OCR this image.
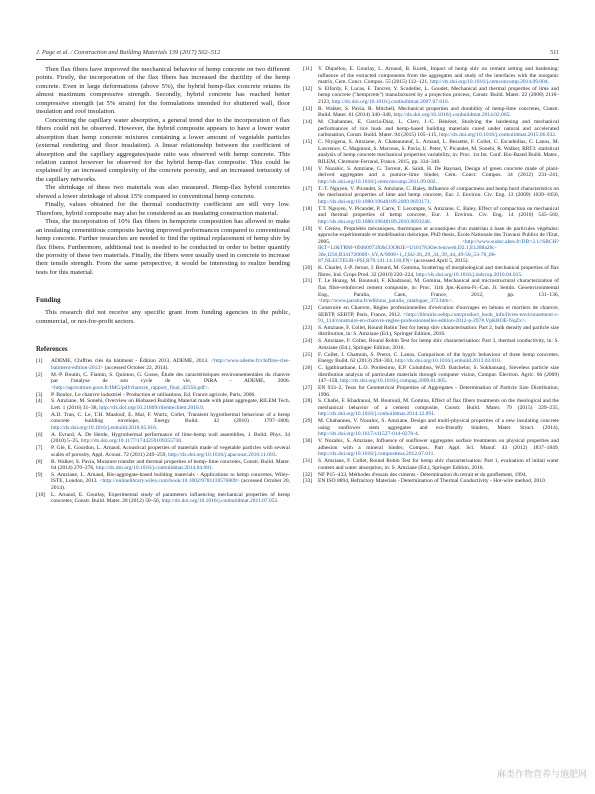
J. Page et al. / Construction and Building Materials 139 (2017) 502–512	511

Then flax fibers have improved the mechanical behavior of hemp concrete on two different points. Firstly, the incorporation of the flax fibers has increased the ductility of the hemp concrete. Even in large deformations (above 5%), the hybrid hemp-flax concrete retains its almost maximum compressive strength. Secondly, hybrid concrete has reached better compressive strength (at 5% strain) for the formulations intended for shuttered wall, floor insulation and roof insulation.

Concerning the capillary water absorption, a general trend due to the incorporation of flax fibers could not be observed. However, the hybrid composite appears to have a lower water absorption than hemp concrete mixtures containing a lower amount of vegetable particles (external rendering and floor insulation). A linear relationship between the coefficient of absorption and the capillary aggregates/paste ratio was observed with hemp concrete. This relation cannot however be observed for the hybrid hemp-flax composite. This could be explained by an increased complexity of the concrete porosity, and an increased tortuosity of the capillary networks.

The shrinkage of these two materials was also measured. Hemp-flax hybrid concretes showed a lower shrinkage of about 15% compared to conventional hemp concrete.

Finally, values obtained for the thermal conductivity coefficient are still very low. Therefore, hybrid composite may also be considered as an insulating construction material.

Thus, the incorporation of 10% flax fibers in hempcrete composition has allowed to make an insulating cementitious composite having improved performances compared to conventional hemp concrete. Further researches are needed to find the optimal replacement of hemp shiv by flax fibers. Furthermore, additional test is needed to be conducted in order to better quantify the porosity of these two materials. Finally, the fibers were usually used in concrete to increase their tensile strength. From the same perspective, it would be interesting to realize bending tests for this material.

Funding

This research did not receive any specific grant from funding agencies in the public, commercial, or not-for-profit sectors.

References
[1]	ADEME, Chiffres clés du bâtiment - Édition 2013, ADEME, 2013. <http://www.ademe.fr/chiffres-cles-batiment-edition-2013> (accessed October 22, 2014).
[2]	M.-P. Boutin, C. Flamin, S. Quinton, G. Gosse, Étude des caractéristiques environnementales du chanvre par l'analyse de son cycle de vie, INRA - ADEME, 2006. <http://agriculture.gouv.fr/IMG/pdf/chanvre_rapport_final_d2356.pdf>.
[3]	P. Bouloc, Le chanvre industriel - Production et utilisations, Ed. France agricole, Paris, 2006.
[4]	S. Amziane, M. Sonebi, Overview on Biobased Building Material made with plant aggregate, RILEM Tech. Lett. 1 (2016) 31–38, http://dx.doi.org/10.21809/rilemtechlett.2016.9.
[5]	A.D. Tran, C. Le, T.H. Maalouf, E. Mal, F. Wurtz, Collet, Transient hygrothermal behaviour of a hemp concrete building envelope, Energy Build. 42 (2010) 1797–1806, http://dx.doi.org/10.1016/j.enbuild.2010.05.016.
[6]	A. Evrard, A. De Herde, Hygrothermal performance of lime-hemp wall assemblies, J. Build. Phys. 34 (2010) 5–25, http://dx.doi.org/10.1177/1744259109355730.
[7]	P. Glé, E. Gourdon, L. Arnaud, Acoustical properties of materials made of vegetable particles with several scales of porosity, Appl. Acoust. 72 (2011) 249–259, http://dx.doi.org/10.1016/j.apacoust.2010.11.003.
[8]	R. Walker, S. Pavía, Moisture transfer and thermal properties of hemp–lime concretes, Constr. Build. Mater. 64 (2014) 270–276, http://dx.doi.org/10.1016/j.conbuildmat.2014.04.081.
[9]	S. Amziane, L. Arnaud, Bio-aggregate-based building materials - Applications to hemp concretes, Wiley-ISTE, London, 2013. <http://onlinelibrary.wiley.com/book/10.1002/9781118576809> (accessed October 20, 2014).
[10]	L. Arnaud, E. Gourlay, Experimental study of parameters influencing mechanical properties of hemp concretes, Constr. Build. Mater. 28 (2012) 50–56, http://dx.doi.org/10.1016/j.conbuildmat.2011.07.052.
[11]	Y. Diquélou, E. Gourlay, L. Arnaud, B. Kurek, Impact of hemp shiv on cement setting and hardening: influence of the extracted components from the aggregates and study of the interfaces with the inorganic matrix, Cem. Concr. Compos. 55 (2015) 112–121, http://dx.doi.org/10.1016/j.cemconcomp.2014.09.004.
[12]	S. Elfordy, F. Lucas, F. Tancret, Y. Scudeller, L. Goudet, Mechanical and thermal properties of lime and hemp concrete ("hempcrete") manufactured by a projection process, Constr. Build. Mater. 22 (2008) 2116–2123, http://dx.doi.org/10.1016/j.conbuildmat.2007.07.016.
[13]	R. Walker, S. Pavía, R. Mitchell, Mechanical properties and durability of hemp-lime concretes, Constr. Build. Mater. 61 (2014) 340–348, http://dx.doi.org/10.1016/j.conbuildmat.2014.02.065.
[14]	M. Chabannes, E. Garcia-Diaz, L. Clerc, J.-C. Bénézet, Studying the hardening and mechanical performances of rice husk and hemp-based building materials cured under natural and accelerated carbonation, Constr. Build. Mater. 94 (2015) 105–115, http://dx.doi.org/10.1016/j.conbuildmat.2015.06.032.
[15]	C. Niyigena, S. Amziane, A. Chateauneuf, L. Arnaud, L. Bessette, F. Collet, C. Escadeillas, C. Lanos, M. Lawrence, C. Magniont, S. Marceau, S. Pavia, U. Peter, V. Picandet, M. Sonebi, R. Walker, RRT3: statistical analysis of hemp concrete mechanical properties variability, in: Proc. 1st Int. Conf. Bio-Based Build. Mater., RILEM, Clermont-Ferrand, France, 2015, pp. 334–340.
[16]	V. Nozahic, S. Amziane, G. Torrent, K. Saïdi, H. De Baynast, Design of green concrete made of plant-derived aggregates and a pumice–lime binder, Cem. Concr. Compos. 34 (2012) 231–241, http://dx.doi.org/10.1016/j.cemconcomp.2011.09.002.
[17]	T.-T. Nguyen, V. Picandet, S. Amziane, C. Baley, Influence of compactness and hemp hurd characteristics on the mechanical properties of lime and hemp concrete, Eur. J. Environ. Civ. Eng. 13 (2009) 1039–1050, http://dx.doi.org/10.1080/19648189.2009.9693171.
[18]	T.T. Nguyen, V. Picandet, P. Carre, T. Lecompte, S. Amziane, C. Baley, Effect of compaction on mechanical and thermal properties of hemp concrete, Eur. J. Environ. Civ. Eng. 14 (2010) 545–560, http://dx.doi.org/10.1080/19648189.2010.9693246.
[19]	V. Cérézo, Propriétés mécaniques, thermiques et acoustiques d'un matériau à base de particules végétales: approche expérimentale et modélisation théorique, PhD thesis, École Nationale des Travaux Publics de l'Etat, 2005. <http://www.sudoc.abes.fr/DB=2.1//SRCH?IKT=12&TRM=09460973X&COOKIE=U10178,Klecteurweb,D2.1,E1288a28c-30e,I250,B341720000+,SY,A/9008+1,,J,H2-26,,29,,34,,39,,44,,49-50,,53-78,,80-87,NLECTEUR+PSI,R79.141.14.118,FN> (accessed April 5, 2015).
[20]	K. Charlet, J.-P. Jernot, J. Breard, M. Gomina, Scattering of morphological and mechanical properties of flax fibres, Ind. Crops Prod. 32 (2010) 220–224, http://dx.doi.org/10.1016/j.indcrop.2010.04.015.
[21]	T. Le Hoang, M. Boutouil, F. Khadraoui, M. Gomina, Mechanical and microstructural characterization of flax fibre-reinforced cement composite, in: Proc. 11th Jpn.-Korea-Fr.-Can. Jt. Semin. Geoenvironmental Eng., Paralia, Caen, France, 2012, pp. 131–136, <http://www.paralia.fr/editions_paralia_catalogue_372.htm>.
[22]	Construire en Chanvre, Règles professionnelles d'exécution d'ouvrages en bétons et mortiers de chanvre, SEBTP, SEBTP, Paris, France, 2012. <http://librairie.sebtp.com/product_book_info/livres-environnement-c-91_114/construire-en-chanvre-regles-professionnelles-edition-2012-p-297#.VpKBOE-NqZx>.
[23]	S. Amziane, F. Collet, Round Robin Test for hemp shiv characterisation: Part 2, bulk density and particle size distribution, in: S. Amziane (Ed.), Springer Edition, 2016.
[24]	S. Amziane, F. Collet, Round Robin Test for hemp shiv characterisation: Part 3, thermal conductivity, in: S. Amziane (Ed.), Springer Edition, 2016.
[25]	F. Collet, J. Chamoin, S. Pretot, C. Lanos, Comparison of the hygric behaviour of three hemp concretes, Energy Build. 62 (2013) 294–303, http://dx.doi.org/10.1016/j.enbuild.2013.03.010.
[26]	C. Igathinathane, L.O. Pordesimo, E.P. Columbus, W.D. Batchelor, S. Sokhansanj, Sieveless particle size distribution analysis of particulate materials through computer vision, Comput. Electron. Agric. 66 (2009) 147–158, http://dx.doi.org/10.1016/j.compag.2009.01.005.
[27]	EN 933–2, Tests for Geometrical Properties of Aggregates - Determination of Particle Size Distribution, 1996.
[28]	S. Chafei, F. Khadraoui, M. Boutouil, M. Gomina, Effect of flax fibers treatments on the rheological and the mechanical behavior of a cement composite, Constr. Build. Mater. 79 (2015) 229–235, http://dx.doi.org/10.1016/j.conbuildmat.2014.12.091.
[29]	M. Chabannes, V. Nozahic, S. Amziane, Design and multi-physical properties of a new insulating concrete using sunflower stem aggregates and eco-friendly binders, Mater. Struct. (2014), http://dx.doi.org/10.1617/s11527-014-0276-4.
[30]	V. Nozahic, S. Amziane, Influence of sunflower aggregates surface treatments on physical properties and adhesion with a mineral binder, Compos. Part Appl. Sci. Manuf. 43 (2012) 1837–1849, http://dx.doi.org/10.1016/j.compositesa.2012.07.011.
[31]	S. Amziane, F. Collet, Round Robin Test for hemp shiv characterisation: Part 1, evaluation of initial water content and water absorption, in: S. Amziane (Ed.), Springer Edition, 2016.
[32]	NF P15–433, Méthodes d'essais des ciments - Détermination du retrait et du gonflement, 1994.
[33]	EN ISO 8894, Refractory Materials - Determination of Thermal Conductivity - Hot-wire method, 2010.
麻类作物营养与施肥网
